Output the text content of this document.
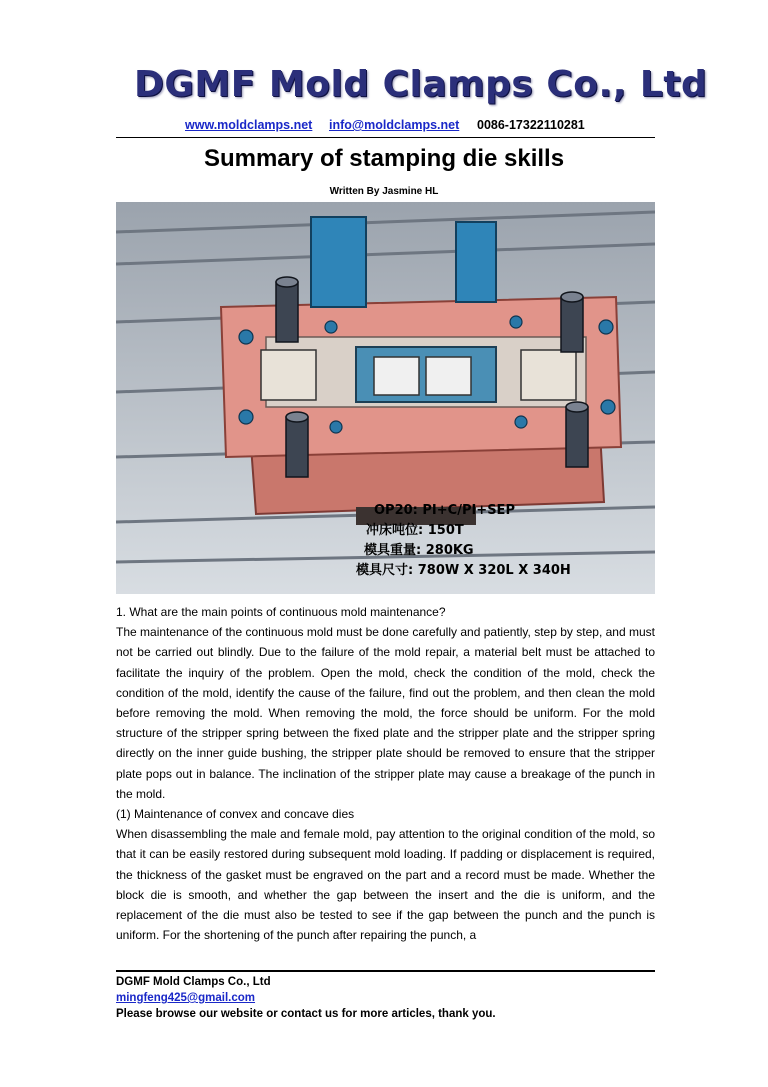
DGMF Mold Clamps Co., Ltd
www.moldclamps.net info@moldclamps.net 0086-17322110281
Summary of stamping die skills
Written By Jasmine HL
OP20: PI+C/PI+SEP
冲床吨位: 150T
模具重量: 280KG
模具尺寸: 780W X 320L X 340H

1. What are the main points of continuous mold maintenance?

The maintenance of the continuous mold must be done carefully and patiently, step by step, and must not be carried out blindly. Due to the failure of the mold repair, a material belt must be attached to facilitate the inquiry of the problem. Open the mold, check the condition of the mold, check the condition of the mold, identify the cause of the failure, find out the problem, and then clean the mold before removing the mold. When removing the mold, the force should be uniform. For the mold structure of the stripper spring between the fixed plate and the stripper plate and the stripper spring directly on the inner guide bushing, the stripper plate should be removed to ensure that the stripper plate pops out in balance. The inclination of the stripper plate may cause a breakage of the punch in the mold.

(1) Maintenance of convex and concave dies

When disassembling the male and female mold, pay attention to the original condition of the mold, so that it can be easily restored during subsequent mold loading. If padding or displacement is required, the thickness of the gasket must be engraved on the part and a record must be made. Whether the block die is smooth, and whether the gap between the insert and the die is uniform, and the replacement of the die must also be tested to see if the gap between the punch and the punch is uniform. For the shortening of the punch after repairing the punch, a

DGMF Mold Clamps Co., Ltd
mingfeng425@gmail.com
Please browse our website or contact us for more articles, thank you.
